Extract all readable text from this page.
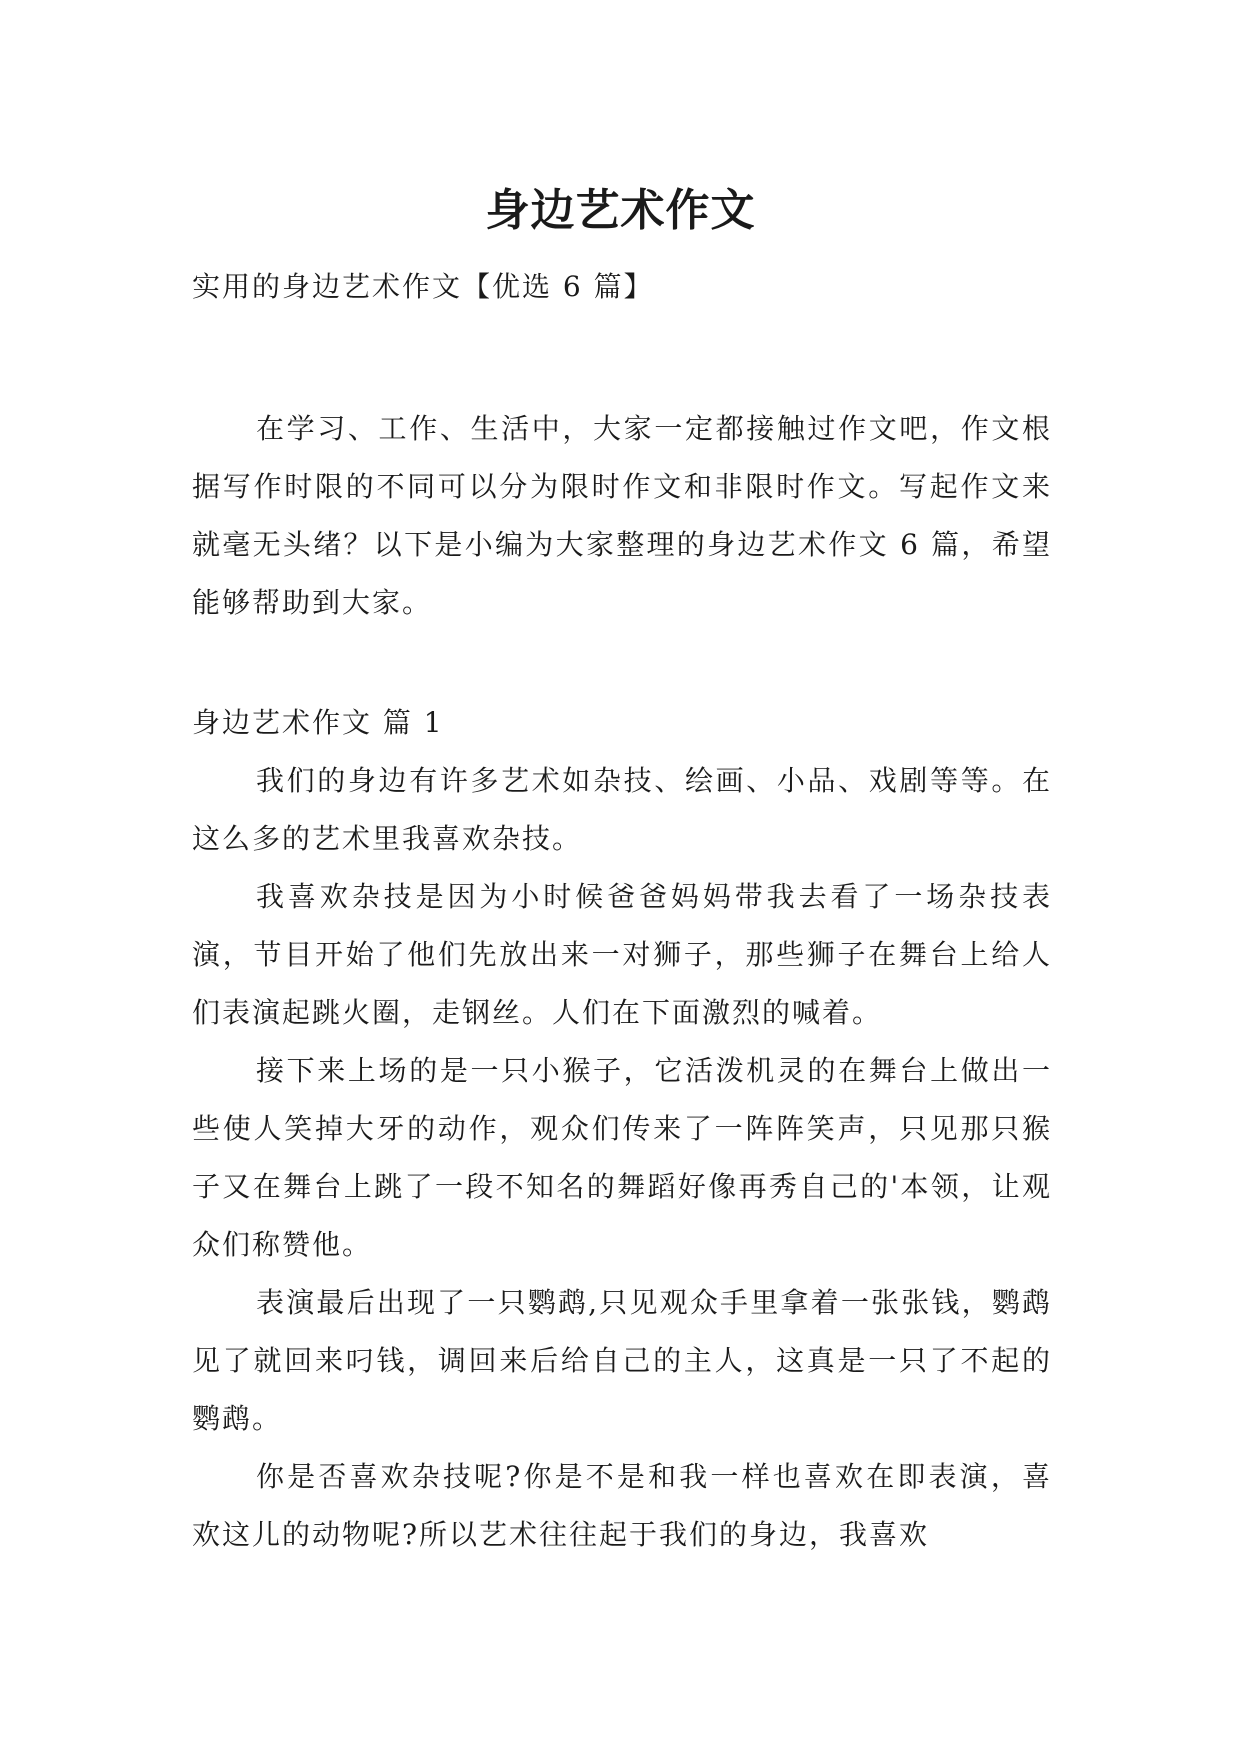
身边艺术作文

实用的身边艺术作文【优选 6 篇】

在学习、工作、生活中，大家一定都接触过作文吧，作文根据写作时限的不同可以分为限时作文和非限时作文。写起作文来就毫无头绪？以下是小编为大家整理的身边艺术作文 6 篇，希望能够帮助到大家。

身边艺术作文 篇 1

我们的身边有许多艺术如杂技、绘画、小品、戏剧等等。在这么多的艺术里我喜欢杂技。

我喜欢杂技是因为小时候爸爸妈妈带我去看了一场杂技表演，节目开始了他们先放出来一对狮子，那些狮子在舞台上给人们表演起跳火圈，走钢丝。人们在下面激烈的喊着。

接下来上场的是一只小猴子，它活泼机灵的在舞台上做出一些使人笑掉大牙的动作，观众们传来了一阵阵笑声，只见那只猴子又在舞台上跳了一段不知名的舞蹈好像再秀自己的'本领，让观众们称赞他。

表演最后出现了一只鹦鹉,只见观众手里拿着一张张钱，鹦鹉见了就回来叼钱，调回来后给自己的主人，这真是一只了不起的鹦鹉。

你是否喜欢杂技呢?你是不是和我一样也喜欢在即表演，喜欢这儿的动物呢?所以艺术往往起于我们的身边，我喜欢
